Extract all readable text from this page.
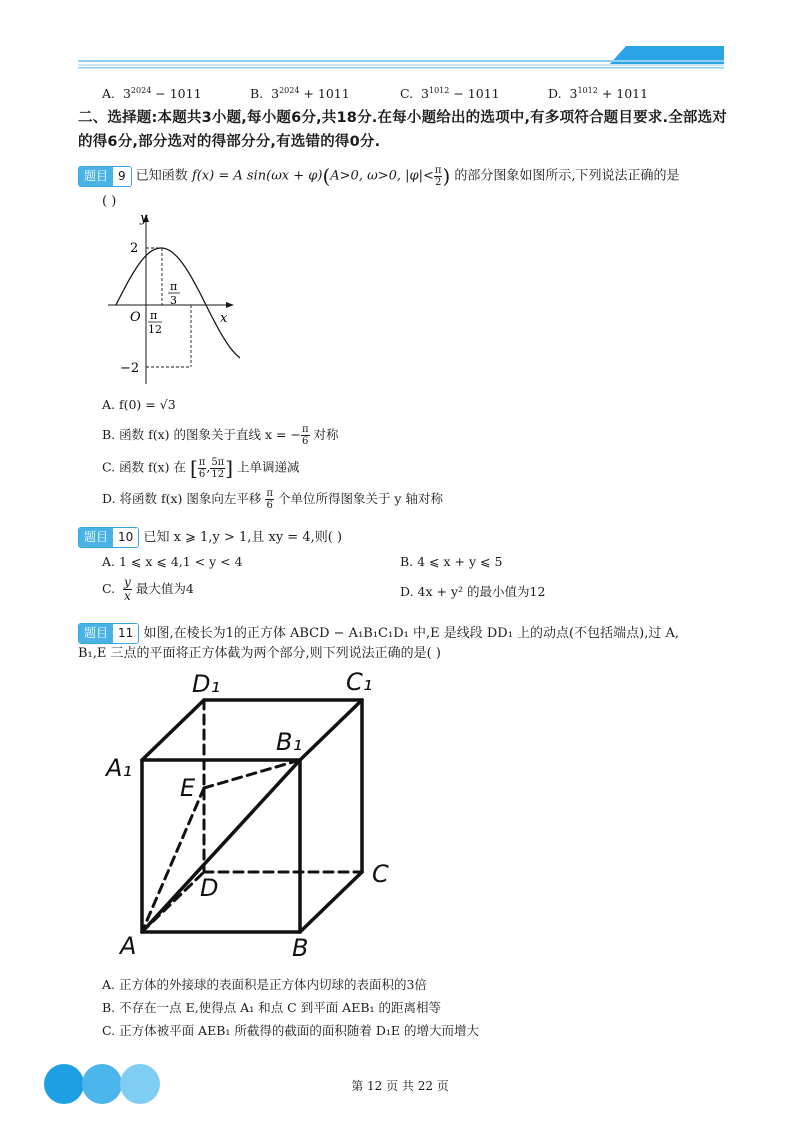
A. $3^{2024} - 1011$	B. $3^{2024} + 1011$	C. $3^{1012} - 1011$	D. $3^{1012} + 1011$
二、选择题:本题共3小题,每小题6分,共18分.在每小题给出的选项中,有多项符合题目要求.全部选对的得6分,部分选对的得部分分,有选错的得0分.
题目 9 已知函数 f(x) = A sin(ωx + φ)(A>0, ω>0, $|\varphi|< \frac{\pi}{2}$ ) 的部分图象如图所示,下列说法正确的是
( )
y
x
O
2
−2
π
12
π
3
A. f(0) = √3
B. 函数 f(x) 的图象关于直线 x = − $\frac{\pi}{6}$ 对称
C. 函数 f(x) 在 [ $\frac{\pi}{6}$ , $\frac{5\pi}{12}$ ] 上单调递减
D. 将函数 f(x) 图象向左平移 $\frac{\pi}{6}$ 个单位所得图象关于 y 轴对称
题目 10 已知 x ⩾ 1,y > 1,且 xy = 4,则( )
A. 1 ⩽ x ⩽ 4,1 < y < 4	B. 4 ⩽ x + y ⩽ 5
C. $\frac{y}{x}$ 最大值为4	D. 4x + y² 的最小值为12
题目 11 如图,在棱长为1的正方体 ABCD − A₁B₁C₁D₁ 中,E 是线段 DD₁ 上的动点(不包括端点),过 A,
B₁,E 三点的平面将正方体截为两个部分,则下列说法正确的是( )
A₁
D₁	C₁
B₁
E
D	C
A	B
A. 正方体的外接球的表面积是正方体内切球的表面积的3倍
B. 不存在一点 E,使得点 A₁ 和点 C 到平面 AEB₁ 的距离相等
C. 正方体被平面 AEB₁ 所截得的截面的面积随着 D₁E 的增大而增大
第 12 页 共 22 页
